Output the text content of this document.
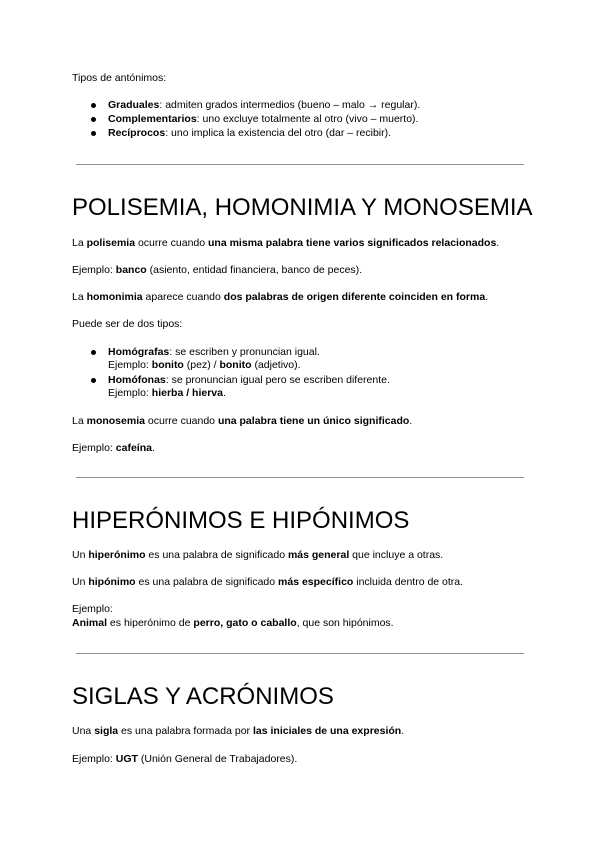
Tipos de antónimos:

Graduales: admiten grados intermedios (bueno – malo → regular).

Complementarios: uno excluye totalmente al otro (vivo – muerto).

Recíprocos: uno implica la existencia del otro (dar – recibir).

POLISEMIA, HOMONIMIA Y MONOSEMIA

La polisemia ocurre cuando una misma palabra tiene varios significados relacionados.

Ejemplo: banco (asiento, entidad financiera, banco de peces).

La homonimia aparece cuando dos palabras de origen diferente coinciden en forma.

Puede ser de dos tipos:

Homógrafas: se escriben y pronuncian igual.

Ejemplo: bonito (pez) / bonito (adjetivo).

Homófonas: se pronuncian igual pero se escriben diferente.

Ejemplo: hierba / hierva.

La monosemia ocurre cuando una palabra tiene un único significado.

Ejemplo: cafeína.

HIPERÓNIMOS E HIPÓNIMOS

Un hiperónimo es una palabra de significado más general que incluye a otras.

Un hipónimo es una palabra de significado más específico incluida dentro de otra.

Ejemplo:

Animal es hiperónimo de perro, gato o caballo, que son hipónimos.

SIGLAS Y ACRÓNIMOS

Una sigla es una palabra formada por las iniciales de una expresión.

Ejemplo: UGT (Unión General de Trabajadores).
